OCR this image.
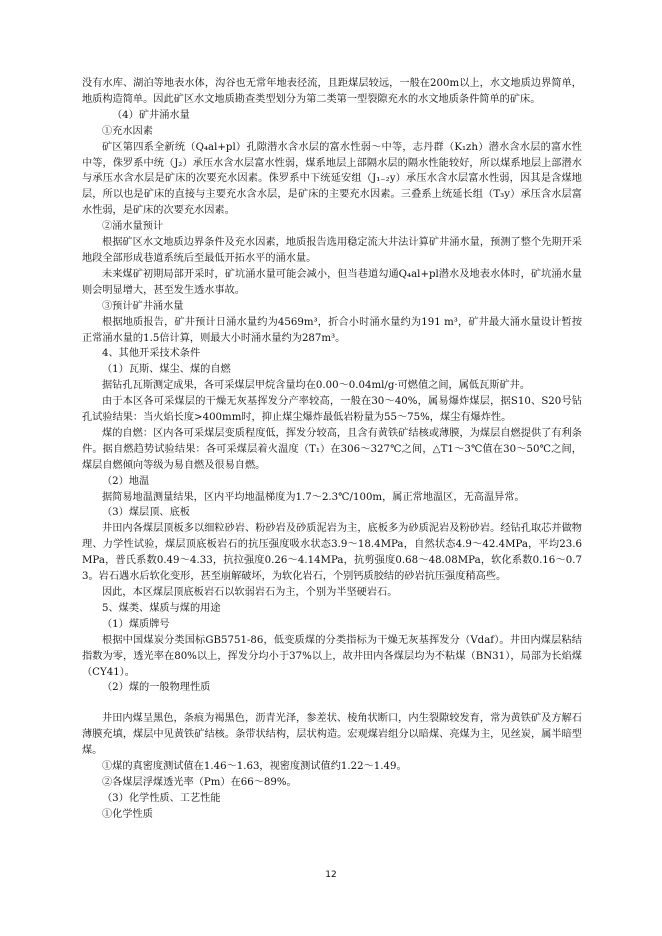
没有水库、湖泊等地表水体，沟谷也无常年地表径流，且距煤层较远，一般在200m以上，水文地质边界简单，地质构造简单。因此矿区水文地质勘查类型划分为第二类第一型裂隙充水的水文地质条件简单的矿床。

（4）矿井涌水量

①充水因素

矿区第四系全新统（Q₄al+pl）孔隙潜水含水层的富水性弱～中等，志丹群（K₁zh）潜水含水层的富水性中等，侏罗系中统（J₂）承压水含水层富水性弱，煤系地层上部隔水层的隔水性能较好，所以煤系地层上部潜水与承压水含水层是矿床的次要充水因素。侏罗系中下统延安组（J₁₋₂y）承压水含水层富水性弱，因其是含煤地层，所以也是矿床的直接与主要充水含水层，是矿床的主要充水因素。三叠系上统延长组（T₃y）承压含水层富水性弱，是矿床的次要充水因素。

②涌水量预计

根据矿区水文地质边界条件及充水因素，地质报告选用稳定流大井法计算矿井涌水量，预测了整个先期开采地段全部形成巷道系统后至最低开拓水平的涌水量。

未来煤矿初期局部开采时，矿坑涌水量可能会减小，但当巷道勾通Q₄al+pl潜水及地表水体时，矿坑涌水量则会明显增大，甚至发生透水事故。

③预计矿井涌水量

根据地质报告，矿井预计日涌水量约为4569m³，折合小时涌水量约为191 m³，矿井最大涌水量设计暂按正常涌水量的1.5倍计算，则最大小时涌水量约为287m³。

4、其他开采技术条件

（1）瓦斯、煤尘、煤的自燃

据钻孔瓦斯测定成果，各可采煤层甲烷含量均在0.00～0.04ml/g·可燃值之间，属低瓦斯矿井。

由于本区各可采煤层的干燥无灰基挥发分产率较高，一般在30～40%，属易爆炸煤层，据S10、S20号钻孔试验结果：当火焰长度>400mm时，抑止煤尘爆炸最低岩粉量为55～75%，煤尘有爆炸性。

煤的自燃：区内各可采煤层变质程度低，挥发分较高，且含有黄铁矿结核或薄膜，为煤层自燃提供了有利条件。据自燃趋势试验结果：各可采煤层着火温度（T₁）在306～327℃之间，△T1～3℃值在30～50℃之间，煤层自燃倾向等级为易自燃及很易自燃。

（2）地温

据简易地温测量结果，区内平均地温梯度为1.7～2.3℃/100m，属正常地温区，无高温异常。

（3）煤层顶、底板

井田内各煤层顶板多以细粒砂岩、粉砂岩及砂质泥岩为主，底板多为砂质泥岩及粉砂岩。经钻孔取芯并做物理、力学性试验，煤层顶底板岩石的抗压强度吸水状态3.9～18.4MPa，自然状态4.9～42.4MPa，平均23.6MPa，普氏系数0.49～4.33，抗拉强度0.26～4.14MPa，抗剪强度0.68～48.08MPa，软化系数0.16～0.73。岩石遇水后软化变形，甚至崩解破坏，为软化岩石，个别钙质胶结的砂岩抗压强度稍高些。

因此，本区煤层顶底板岩石以软弱岩石为主，个别为半坚硬岩石。

5、煤类、煤质与煤的用途

（1）煤质牌号

根据中国煤炭分类国标GB5751-86，低变质煤的分类指标为干燥无灰基挥发分（Vdaf）。井田内煤层粘结指数为零，透光率在80%以上，挥发分均小于37%以上，故井田内各煤层均为不粘煤（BN31），局部为长焰煤（CY41）。

（2）煤的一般物理性质

井田内煤呈黑色，条痕为褐黑色，沥青光泽，参差状、棱角状断口，内生裂隙较发育，常为黄铁矿及方解石薄膜充填，煤层中见黄铁矿结核。条带状结构，层状构造。宏观煤岩组分以暗煤、亮煤为主，见丝炭，属半暗型煤。

①煤的真密度测试值在1.46～1.63，视密度测试值约1.22～1.49。

②各煤层浮煤透光率（Pm）在66～89%。

（3）化学性质、工艺性能

①化学性质

12
